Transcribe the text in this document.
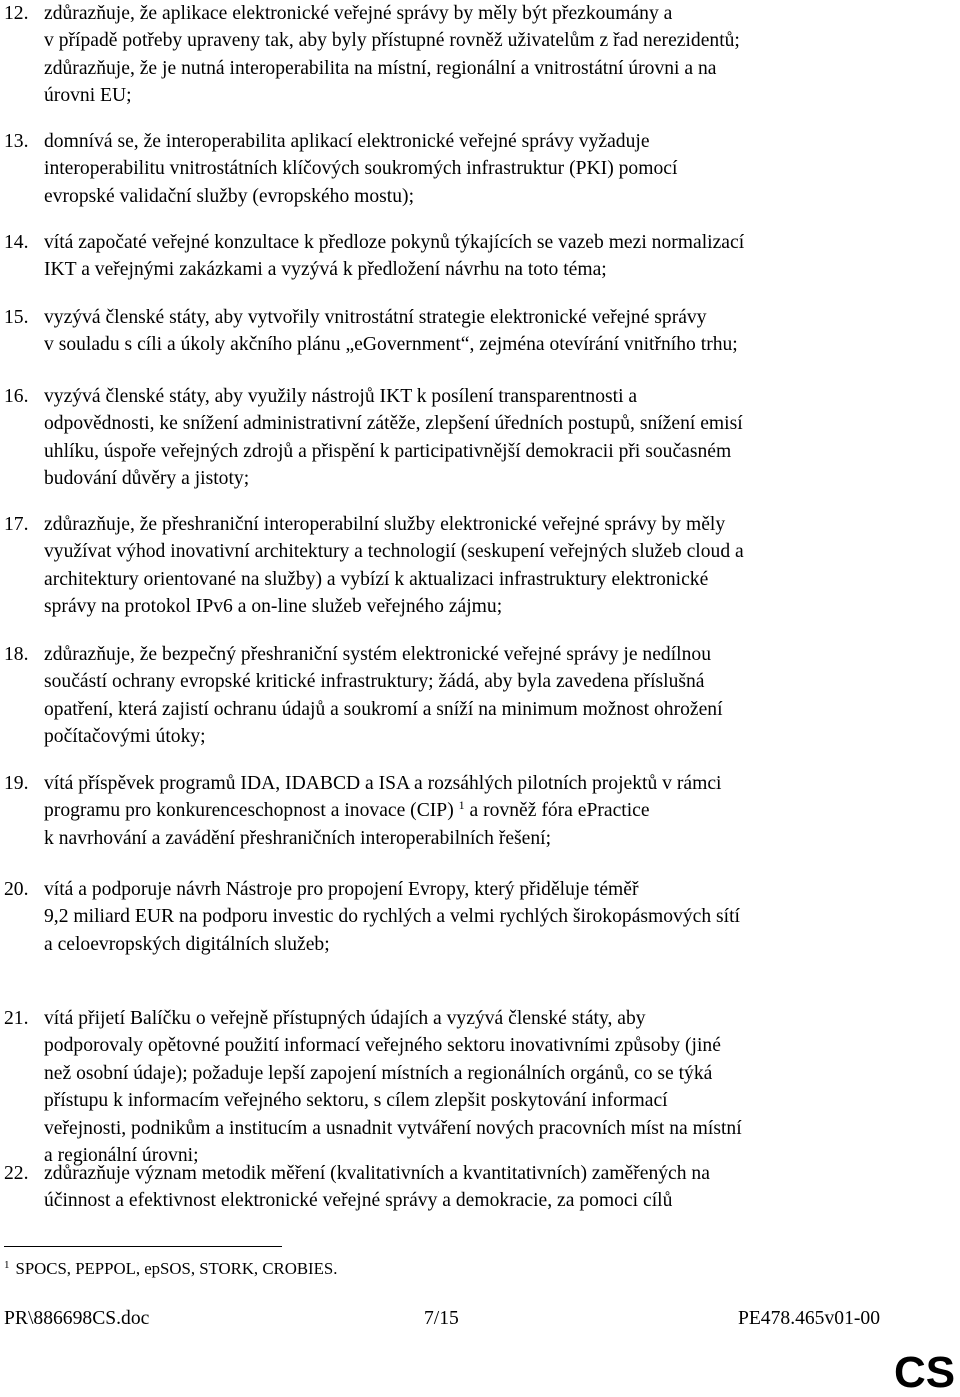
12. zdůrazňuje, že aplikace elektronické veřejné správy by měly být přezkoumány a
v případě potřeby upraveny tak, aby byly přístupné rovněž uživatelům z řad nerezidentů;
zdůrazňuje, že je nutná interoperabilita na místní, regionální a vnitrostátní úrovni a na
úrovni EU;
13. domnívá se, že interoperabilita aplikací elektronické veřejné správy vyžaduje
interoperabilitu vnitrostátních klíčových soukromých infrastruktur (PKI) pomocí
evropské validační služby (evropského mostu);
14. vítá započaté veřejné konzultace k předloze pokynů týkajících se vazeb mezi normalizací
IKT a veřejnými zakázkami a vyzývá k předložení návrhu na toto téma;
15. vyzývá členské státy, aby vytvořily vnitrostátní strategie elektronické veřejné správy
v souladu s cíli a úkoly akčního plánu „eGovernment“, zejména otevírání vnitřního trhu;
16. vyzývá členské státy, aby využily nástrojů IKT k posílení transparentnosti a
odpovědnosti, ke snížení administrativní zátěže, zlepšení úředních postupů, snížení emisí
uhlíku, úspoře veřejných zdrojů a přispění k participativnější demokracii při současném
budování důvěry a jistoty;
17. zdůrazňuje, že přeshraniční interoperabilní služby elektronické veřejné správy by měly
využívat výhod inovativní architektury a technologií (seskupení veřejných služeb cloud a
architektury orientované na služby) a vybízí k aktualizaci infrastruktury elektronické
správy na protokol IPv6 a on-line služeb veřejného zájmu;
18. zdůrazňuje, že bezpečný přeshraniční systém elektronické veřejné správy je nedílnou
součástí ochrany evropské kritické infrastruktury; žádá, aby byla zavedena příslušná
opatření, která zajistí ochranu údajů a soukromí a sníží na minimum možnost ohrožení
počítačovými útoky;
19. vítá příspěvek programů IDA, IDABCD a ISA a rozsáhlých pilotních projektů v rámci
programu pro konkurenceschopnost a inovace (CIP) $^1$ a rovněž fóra ePractice
k navrhování a zavádění přeshraničních interoperabilních řešení;
20. vítá a podporuje návrh Nástroje pro propojení Evropy, který přiděluje téměř
9,2 miliard EUR na podporu investic do rychlých a velmi rychlých širokopásmových sítí
a celoevropských digitálních služeb;
21. vítá přijetí Balíčku o veřejně přístupných údajích a vyzývá členské státy, aby
podporovaly opětovné použití informací veřejného sektoru inovativními způsoby (jiné
než osobní údaje); požaduje lepší zapojení místních a regionálních orgánů, co se týká
přístupu k informacím veřejného sektoru, s cílem zlepšit poskytování informací
veřejnosti, podnikům a institucím a usnadnit vytváření nových pracovních míst na místní
a regionální úrovni;
22. zdůrazňuje význam metodik měření (kvalitativních a kvantitativních) zaměřených na
účinnost a efektivnost elektronické veřejné správy a demokracie, za pomoci cílů
$^1$ SPOCS, PEPPOL, epSOS, STORK, CROBIES.
PR\886698CS.doc	7/15	PE478.465v01-00
CS
